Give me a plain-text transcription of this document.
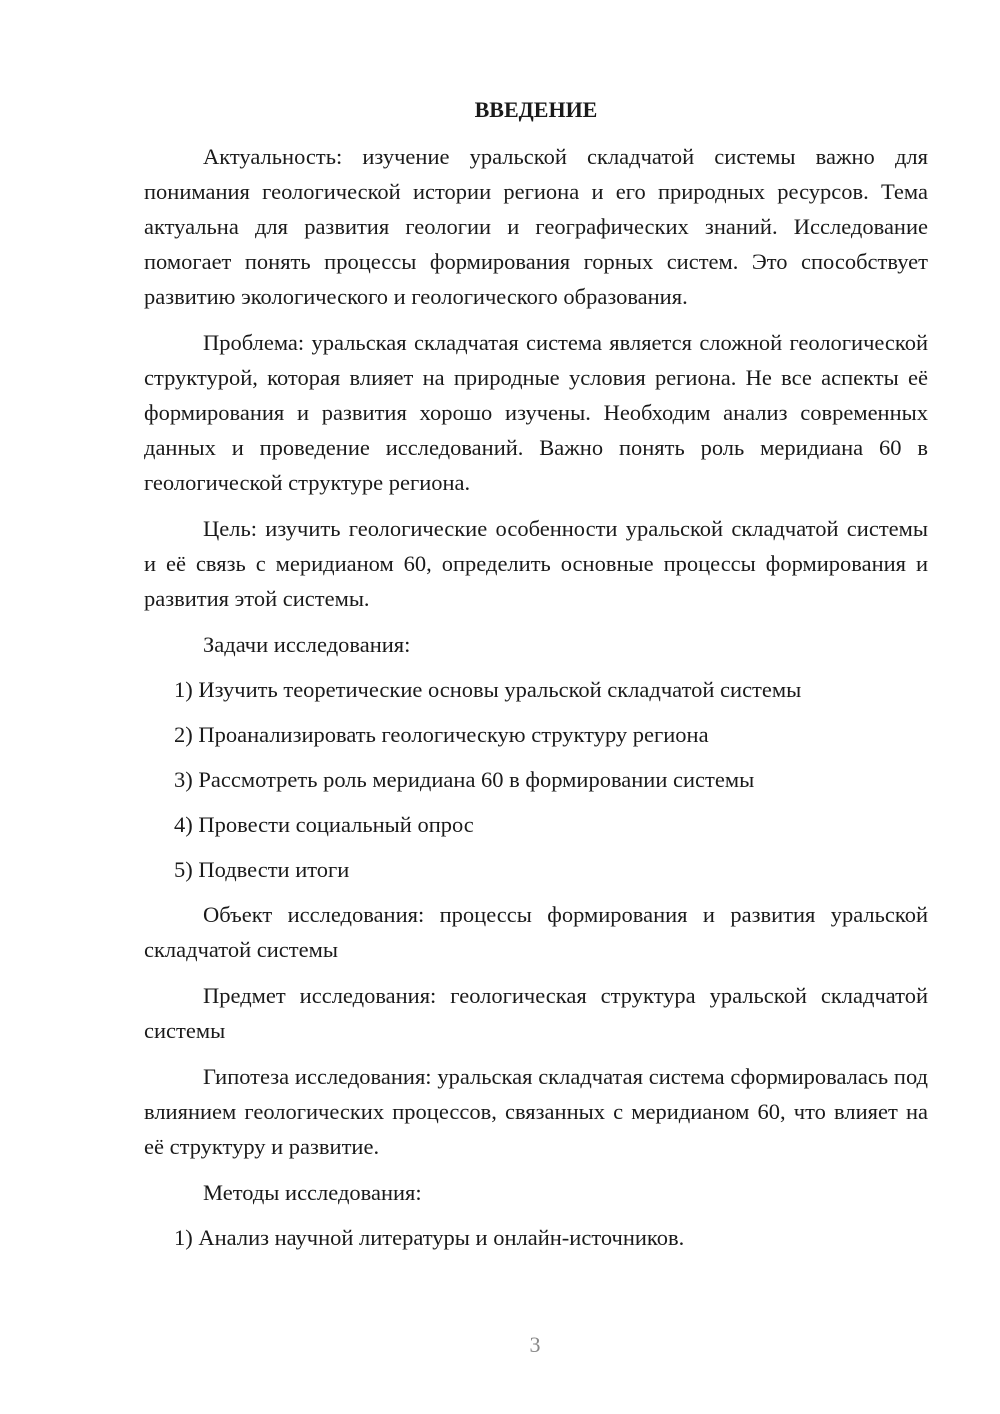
ВВЕДЕНИЕ

Актуальность: изучение уральской складчатой системы важно для понимания геологической истории региона и его природных ресурсов. Тема актуальна для развития геологии и географических знаний. Исследование помогает понять процессы формирования горных систем. Это способствует развитию экологического и геологического образования.

Проблема: уральская складчатая система является сложной геологической структурой, которая влияет на природные условия региона. Не все аспекты её формирования и развития хорошо изучены. Необходим анализ современных данных и проведение исследований. Важно понять роль меридиана 60 в геологической структуре региона.

Цель: изучить геологические особенности уральской складчатой системы и её связь с меридианом 60, определить основные процессы формирования и развития этой системы.

Задачи исследования:

1) Изучить теоретические основы уральской складчатой системы

2) Проанализировать геологическую структуру региона

3) Рассмотреть роль меридиана 60 в формировании системы

4) Провести социальный опрос

5) Подвести итоги

Объект исследования: процессы формирования и развития уральской складчатой системы

Предмет исследования: геологическая структура уральской складчатой системы

Гипотеза исследования: уральская складчатая система сформировалась под влиянием геологических процессов, связанных с меридианом 60, что влияет на её структуру и развитие.

Методы исследования:

1) Анализ научной литературы и онлайн-источников.

3
